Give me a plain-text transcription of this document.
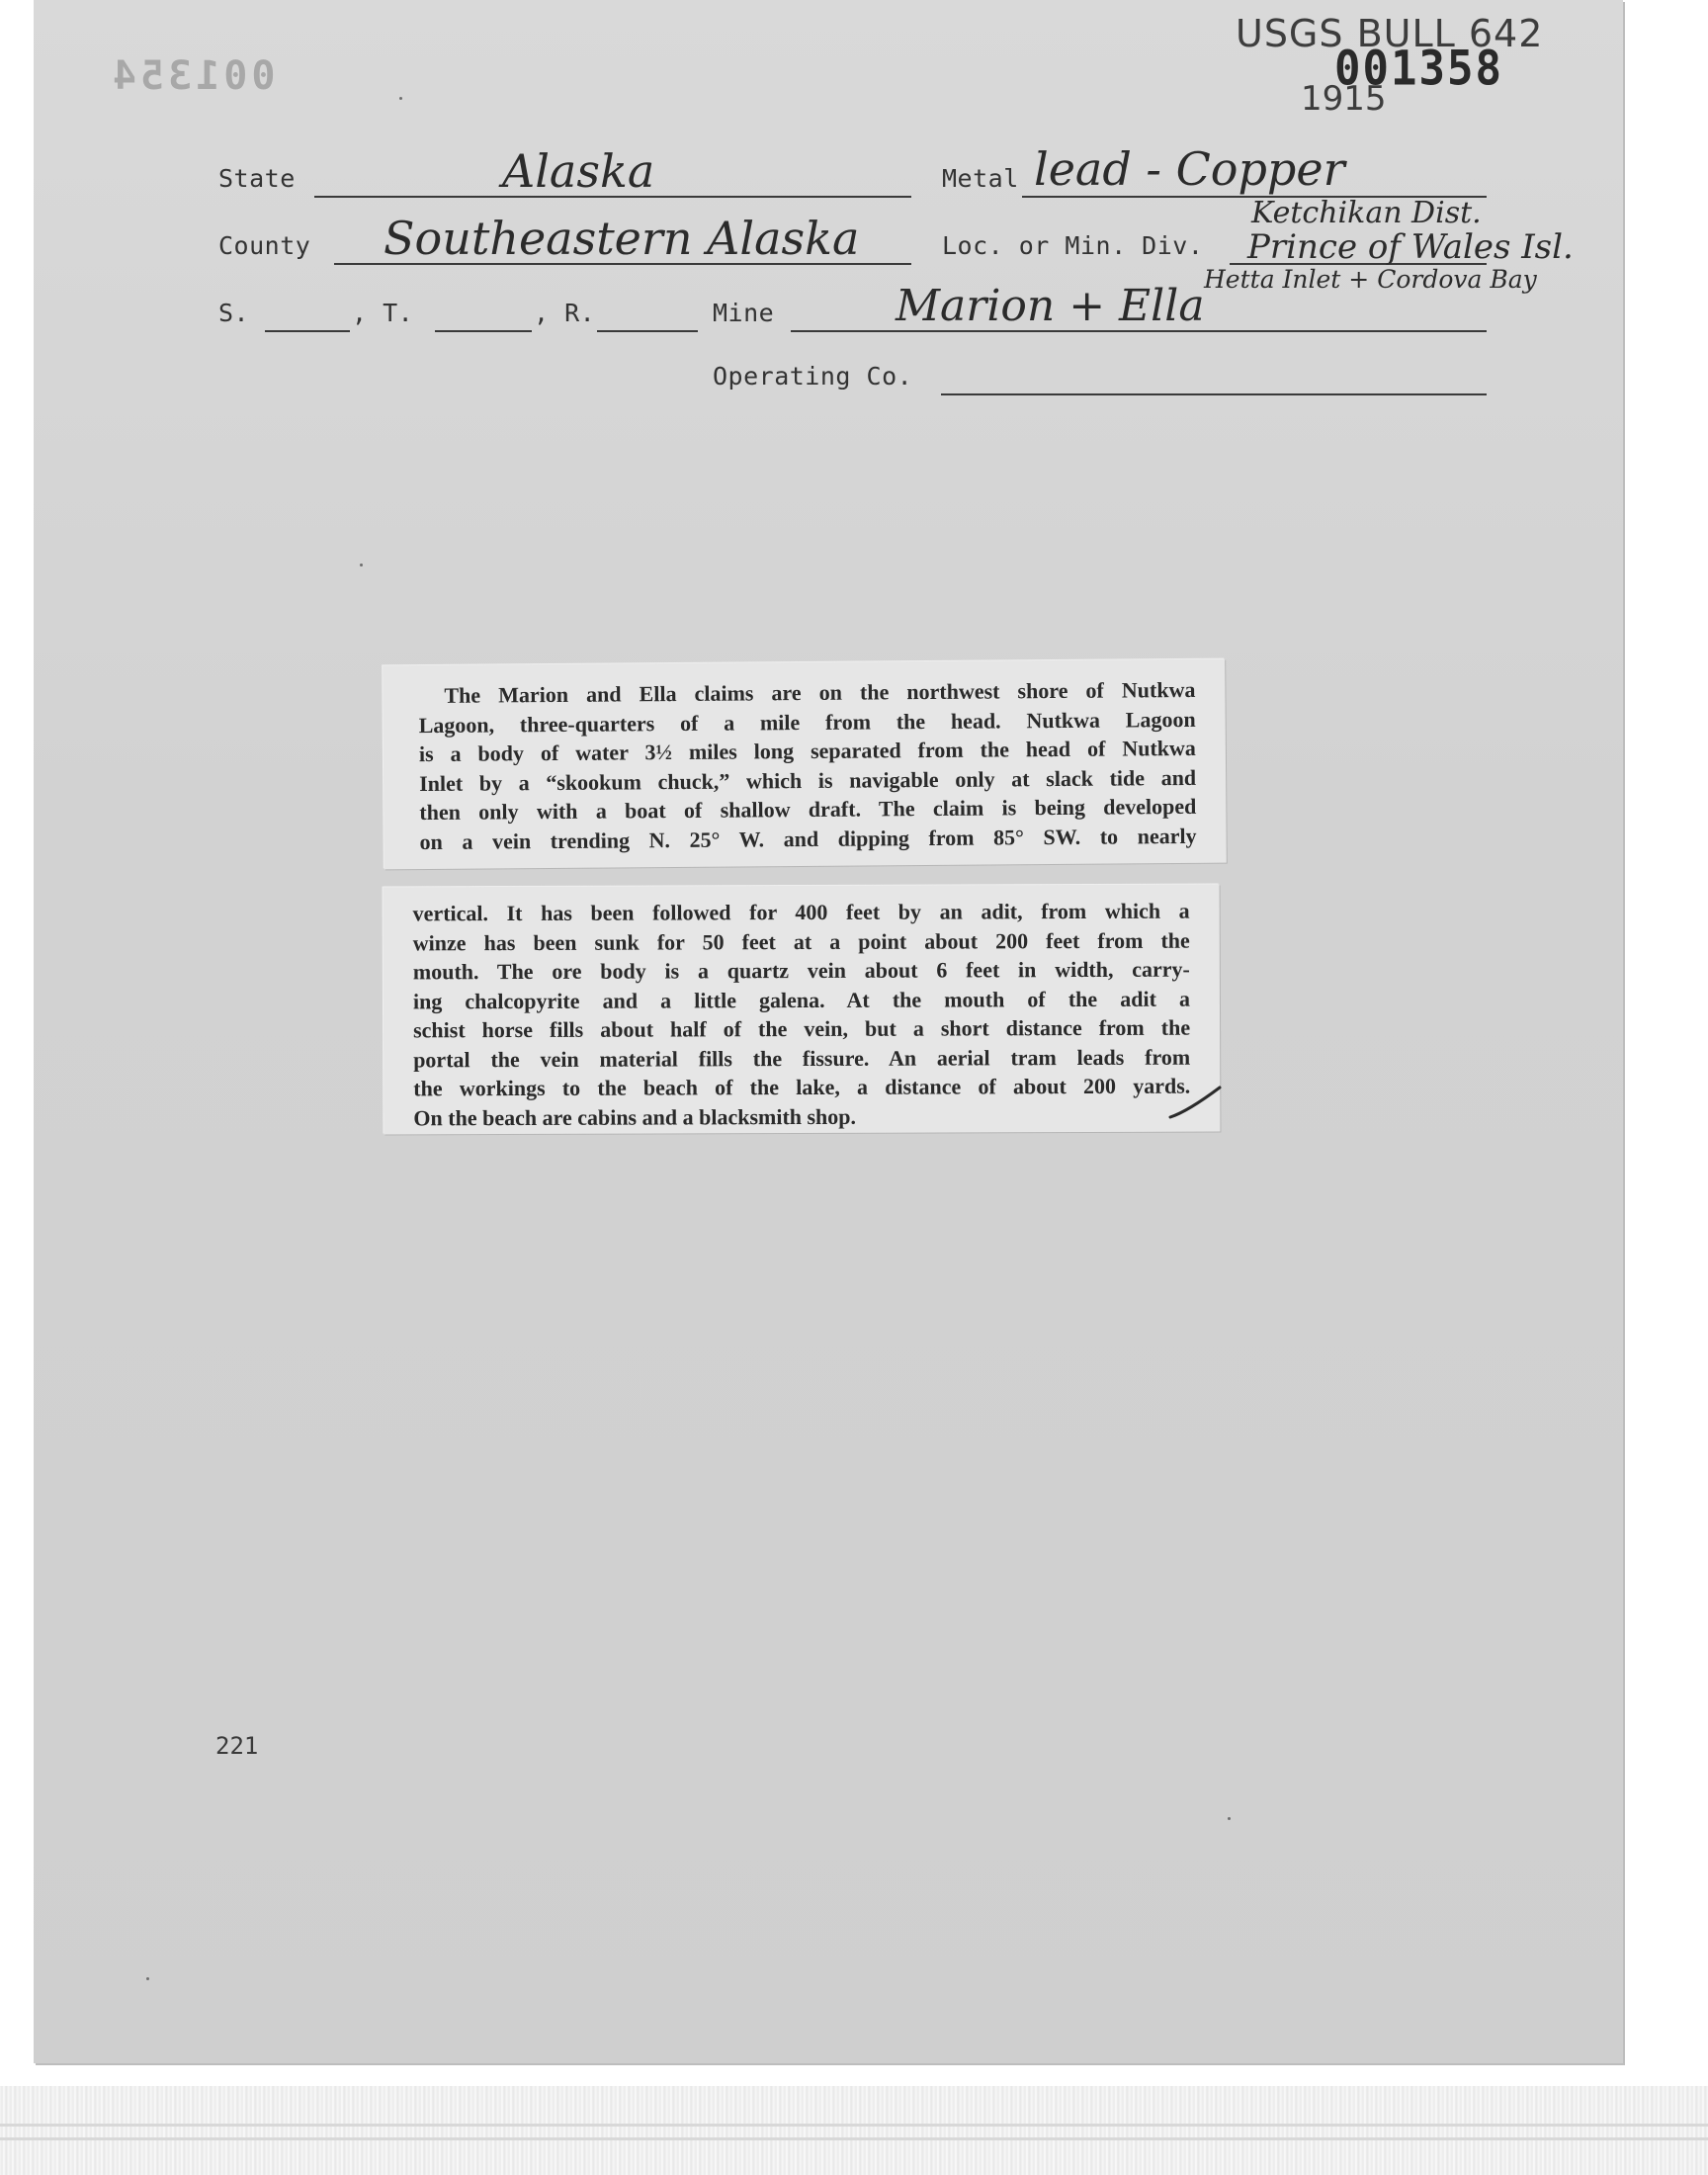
001354
USGS BULL 642
1915
001358
State	Alaska	Metal lead - Copper
County Southeastern Alaska	Loc. or Min. Div.
Ketchikan Dist.
Prince of Wales Isl.
Hetta Inlet + Cordova Bay
S.	, T.	, R.	Mine	Marion + Ella
Operating Co.

The Marion and Ella claims are on the northwest shore of Nutkwa

Lagoon, three-quarters of a mile from the head. Nutkwa Lagoon

is a body of water 3½ miles long separated from the head of Nutkwa

Inlet by a “skookum chuck,” which is navigable only at slack tide and

then only with a boat of shallow draft. The claim is being developed

on a vein trending N. 25° W. and dipping from 85° SW. to nearly

vertical. It has been followed for 400 feet by an adit, from which a

winze has been sunk for 50 feet at a point about 200 feet from the

mouth. The ore body is a quartz vein about 6 feet in width, carry-

ing chalcopyrite and a little galena. At the mouth of the adit a

schist horse fills about half of the vein, but a short distance from the

portal the vein material fills the fissure. An aerial tram leads from

the workings to the beach of the lake, a distance of about 200 yards.

On the beach are cabins and a blacksmith shop.

221
